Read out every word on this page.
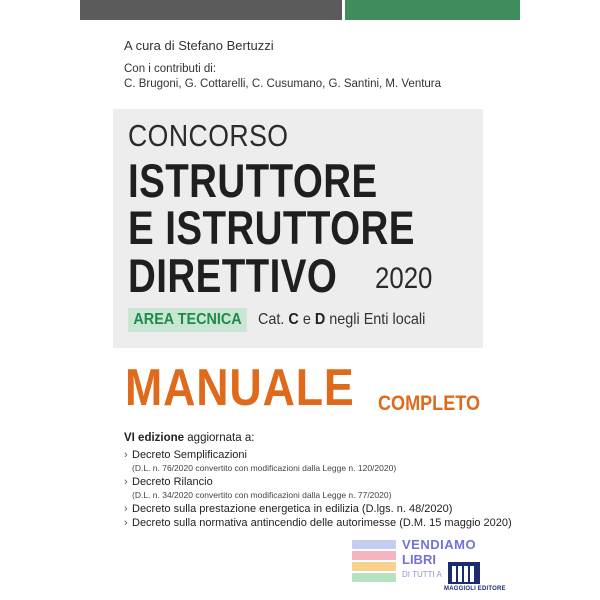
A cura di Stefano Bertuzzi
Con i contributi di:
C. Brugoni, G. Cottarelli, C. Cusumano, G. Santini, M. Ventura
CONCORSO
ISTRUTTORE
E ISTRUTTORE
DIRETTIVO 2020
AREA TECNICA	Cat. C e D negli Enti locali
MANUALE COMPLETO
VI edizione aggiornata a:
› Decreto Semplificazioni
(D.L. n. 76/2020 convertito con modificazioni dalla Legge n. 120/2020)
› Decreto Rilancio
(D.L. n. 34/2020 convertito con modificazioni dalla Legge n. 77/2020)
› Decreto sulla prestazione energetica in edilizia (D.lgs. n. 48/2020)
› Decreto sulla normativa antincendio delle autorimesse (D.M. 15 maggio 2020)
VENDIAMO
LIBRI
DI TUTTI A
MAGGIOLI EDITORE
